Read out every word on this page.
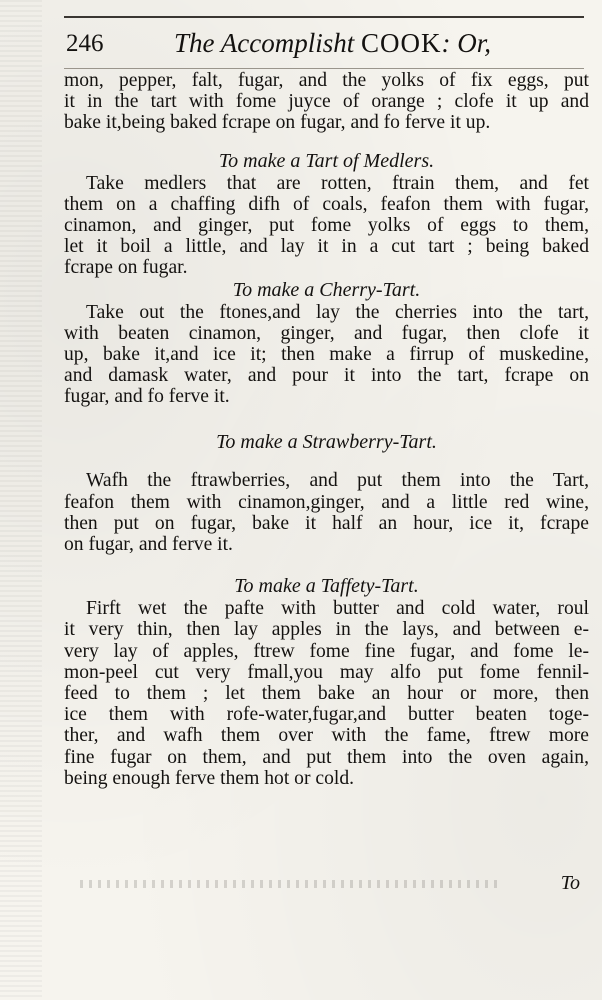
246	The Accomplisht COOK: Or,
mon, pepper, falt, fugar, and the yolks of fix eggs, put
it in the tart with fome juyce of orange ; clofe it up and
bake it,being baked fcrape on fugar, and fo ferve it up.
To make a Tart of Medlers.
Take medlers that are rotten, ftrain them, and fet
them on a chaffing difh of coals, feafon them with fugar,
cinamon, and ginger, put fome yolks of eggs to them,
let it boil a little, and lay it in a cut tart ; being baked
fcrape on fugar.
To make a Cherry-Tart.
Take out the ftones,and lay the cherries into the tart,
with beaten cinamon, ginger, and fugar, then clofe it
up, bake it,and ice it; then make a firrup of muskedine,
and damask water, and pour it into the tart, fcrape on
fugar, and fo ferve it.
To make a Strawberry-Tart.
Wafh the ftrawberries, and put them into the Tart,
feafon them with cinamon,ginger, and a little red wine,
then put on fugar, bake it half an hour, ice it, fcrape
on fugar, and ferve it.
To make a Taffety-Tart.
Firft wet the pafte with butter and cold water, roul
it very thin, then lay apples in the lays, and between e-
very lay of apples, ftrew fome fine fugar, and fome le-
mon-peel cut very fmall,you may alfo put fome fennil-
feed to them ; let them bake an hour or more, then
ice them with rofe-water,fugar,and butter beaten toge-
ther, and wafh them over with the fame, ftrew more
fine fugar on them, and put them into the oven again,
being enough ferve them hot or cold.
To
